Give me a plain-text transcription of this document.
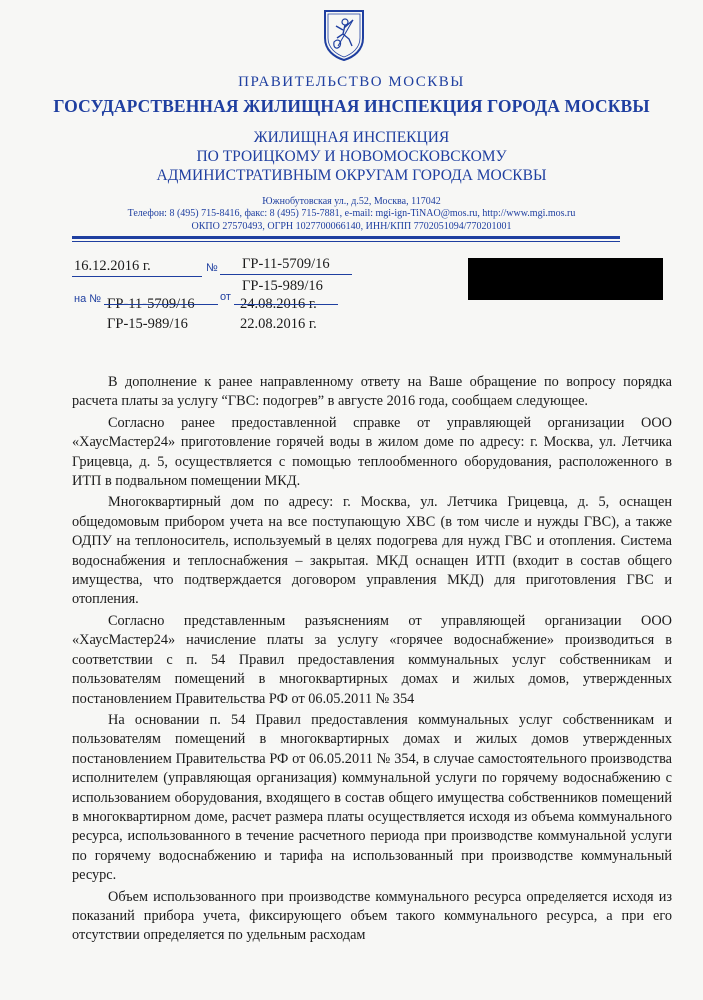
ПРАВИТЕЛЬСТВО МОСКВЫ
ГОСУДАРСТВЕННАЯ ЖИЛИЩНАЯ ИНСПЕКЦИЯ ГОРОДА МОСКВЫ
ЖИЛИЩНАЯ ИНСПЕКЦИЯ
ПО ТРОИЦКОМУ И НОВОМОСКОВСКОМУ
АДМИНИСТРАТИВНЫМ ОКРУГАМ ГОРОДА МОСКВЫ
Южнобутовская ул., д.52, Москва, 117042
Телефон: 8 (495) 715-8416, факс: 8 (495) 715-7881, e-mail: mgi-ign-TiNAO@mos.ru, http://www.mgi.mos.ru
ОКПО 27570493, ОГРН 1027700066140, ИНН/КПП 7702051094/770201001
16.12.2016 г.	№ ГР-11-5709/16
ГР-15-989/16
на № ГР-11-5709/16 от 24.08.2016 г.
ГР-15-989/16	22.08.2016 г.

В дополнение к ранее направленному ответу на Ваше обращение по вопросу порядка расчета платы за услугу “ГВС: подогрев” в августе 2016 года, сообщаем следующее.

Согласно ранее предоставленной справке от управляющей организации ООО «ХаусМастер24» приготовление горячей воды в жилом доме по адресу: г. Москва, ул. Летчика Грицевца, д. 5, осуществляется с помощью теплообменного оборудования, расположенного в ИТП в подвальном помещении МКД.

Многоквартирный дом по адресу: г. Москва, ул. Летчика Грицевца, д. 5, оснащен общедомовым прибором учета на все поступающую ХВС (в том числе и нужды ГВС), а также ОДПУ на теплоноситель, используемый в целях подогрева для нужд ГВС и отопления. Система водоснабжения и теплоснабжения – закрытая. МКД оснащен ИТП (входит в состав общего имущества, что подтверждается договором управления МКД) для приготовления ГВС и отопления.

Согласно представленным разъяснениям от управляющей организации ООО «ХаусМастер24» начисление платы за услугу «горячее водоснабжение» производиться в соответствии с п. 54 Правил предоставления коммунальных услуг собственникам и пользователям помещений в многоквартирных домах и жилых домов, утвержденных постановлением Правительства РФ от 06.05.2011 № 354

На основании п. 54 Правил предоставления коммунальных услуг собственникам и пользователям помещений в многоквартирных домах и жилых домов утвержденных постановлением Правительства РФ от 06.05.2011 № 354, в случае самостоятельного производства исполнителем (управляющая организация) коммунальной услуги по горячему водоснабжению с использованием оборудования, входящего в состав общего имущества собственников помещений в многоквартирном доме, расчет размера платы осуществляется исходя из объема коммунального ресурса, использованного в течение расчетного периода при производстве коммунальной услуги по горячему водоснабжению и тарифа на использованный при производстве коммунальный ресурс.

Объем использованного при производстве коммунального ресурса определяется исходя из показаний прибора учета, фиксирующего объем такого коммунального ресурса, а при его отсутствии определяется по удельным расходам
